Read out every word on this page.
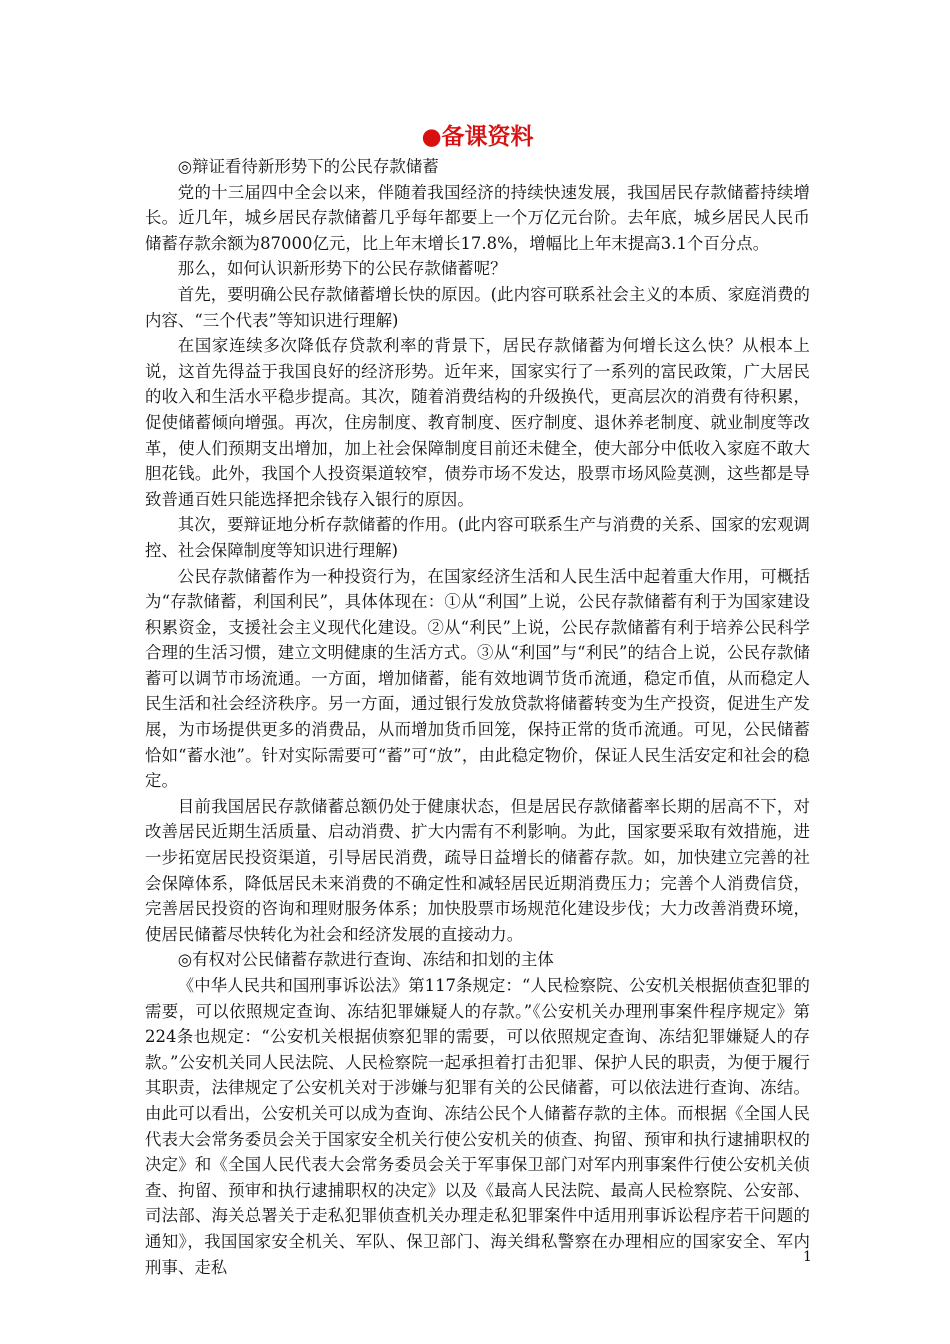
●备课资料

◎辩证看待新形势下的公民存款储蓄

党的十三届四中全会以来，伴随着我国经济的持续快速发展，我国居民存款储蓄持续增长。近几年，城乡居民存款储蓄几乎每年都要上一个万亿元台阶。去年底，城乡居民人民币储蓄存款余额为87000亿元，比上年末增长17.8%，增幅比上年末提高3.1个百分点。

那么，如何认识新形势下的公民存款储蓄呢？

首先，要明确公民存款储蓄增长快的原因。(此内容可联系社会主义的本质、家庭消费的内容、“三个代表”等知识进行理解)

在国家连续多次降低存贷款利率的背景下，居民存款储蓄为何增长这么快？从根本上说，这首先得益于我国良好的经济形势。近年来，国家实行了一系列的富民政策，广大居民的收入和生活水平稳步提高。其次，随着消费结构的升级换代，更高层次的消费有待积累，促使储蓄倾向增强。再次，住房制度、教育制度、医疗制度、退休养老制度、就业制度等改革，使人们预期支出增加，加上社会保障制度目前还未健全，使大部分中低收入家庭不敢大胆花钱。此外，我国个人投资渠道较窄，债券市场不发达，股票市场风险莫测，这些都是导致普通百姓只能选择把余钱存入银行的原因。

其次，要辩证地分析存款储蓄的作用。(此内容可联系生产与消费的关系、国家的宏观调控、社会保障制度等知识进行理解)

公民存款储蓄作为一种投资行为，在国家经济生活和人民生活中起着重大作用，可概括为“存款储蓄，利国利民”，具体体现在：①从“利国”上说，公民存款储蓄有利于为国家建设积累资金，支援社会主义现代化建设。②从“利民”上说，公民存款储蓄有利于培养公民科学合理的生活习惯，建立文明健康的生活方式。③从“利国”与“利民”的结合上说，公民存款储蓄可以调节市场流通。一方面，增加储蓄，能有效地调节货币流通，稳定币值，从而稳定人民生活和社会经济秩序。另一方面，通过银行发放贷款将储蓄转变为生产投资，促进生产发展，为市场提供更多的消费品，从而增加货币回笼，保持正常的货币流通。可见，公民储蓄恰如“蓄水池”。针对实际需要可“蓄”可“放”，由此稳定物价，保证人民生活安定和社会的稳定。

目前我国居民存款储蓄总额仍处于健康状态，但是居民存款储蓄率长期的居高不下，对改善居民近期生活质量、启动消费、扩大内需有不利影响。为此，国家要采取有效措施，进一步拓宽居民投资渠道，引导居民消费，疏导日益增长的储蓄存款。如，加快建立完善的社会保障体系，降低居民未来消费的不确定性和减轻居民近期消费压力；完善个人消费信贷，完善居民投资的咨询和理财服务体系；加快股票市场规范化建设步伐；大力改善消费环境，使居民储蓄尽快转化为社会和经济发展的直接动力。

◎有权对公民储蓄存款进行查询、冻结和扣划的主体

《中华人民共和国刑事诉讼法》第117条规定：“人民检察院、公安机关根据侦查犯罪的需要，可以依照规定查询、冻结犯罪嫌疑人的存款。”《公安机关办理刑事案件程序规定》第224条也规定：“公安机关根据侦察犯罪的需要，可以依照规定查询、冻结犯罪嫌疑人的存款。”公安机关同人民法院、人民检察院一起承担着打击犯罪、保护人民的职责，为便于履行其职责，法律规定了公安机关对于涉嫌与犯罪有关的公民储蓄，可以依法进行查询、冻结。由此可以看出，公安机关可以成为查询、冻结公民个人储蓄存款的主体。而根据《全国人民代表大会常务委员会关于国家安全机关行使公安机关的侦查、拘留、预审和执行逮捕职权的决定》和《全国人民代表大会常务委员会关于军事保卫部门对军内刑事案件行使公安机关侦查、拘留、预审和执行逮捕职权的决定》以及《最高人民法院、最高人民检察院、公安部、司法部、海关总署关于走私犯罪侦查机关办理走私犯罪案件中适用刑事诉讼程序若干问题的通知》，我国国家安全机关、军队、保卫部门、海关缉私警察在办理相应的国家安全、军内刑事、走私

1
